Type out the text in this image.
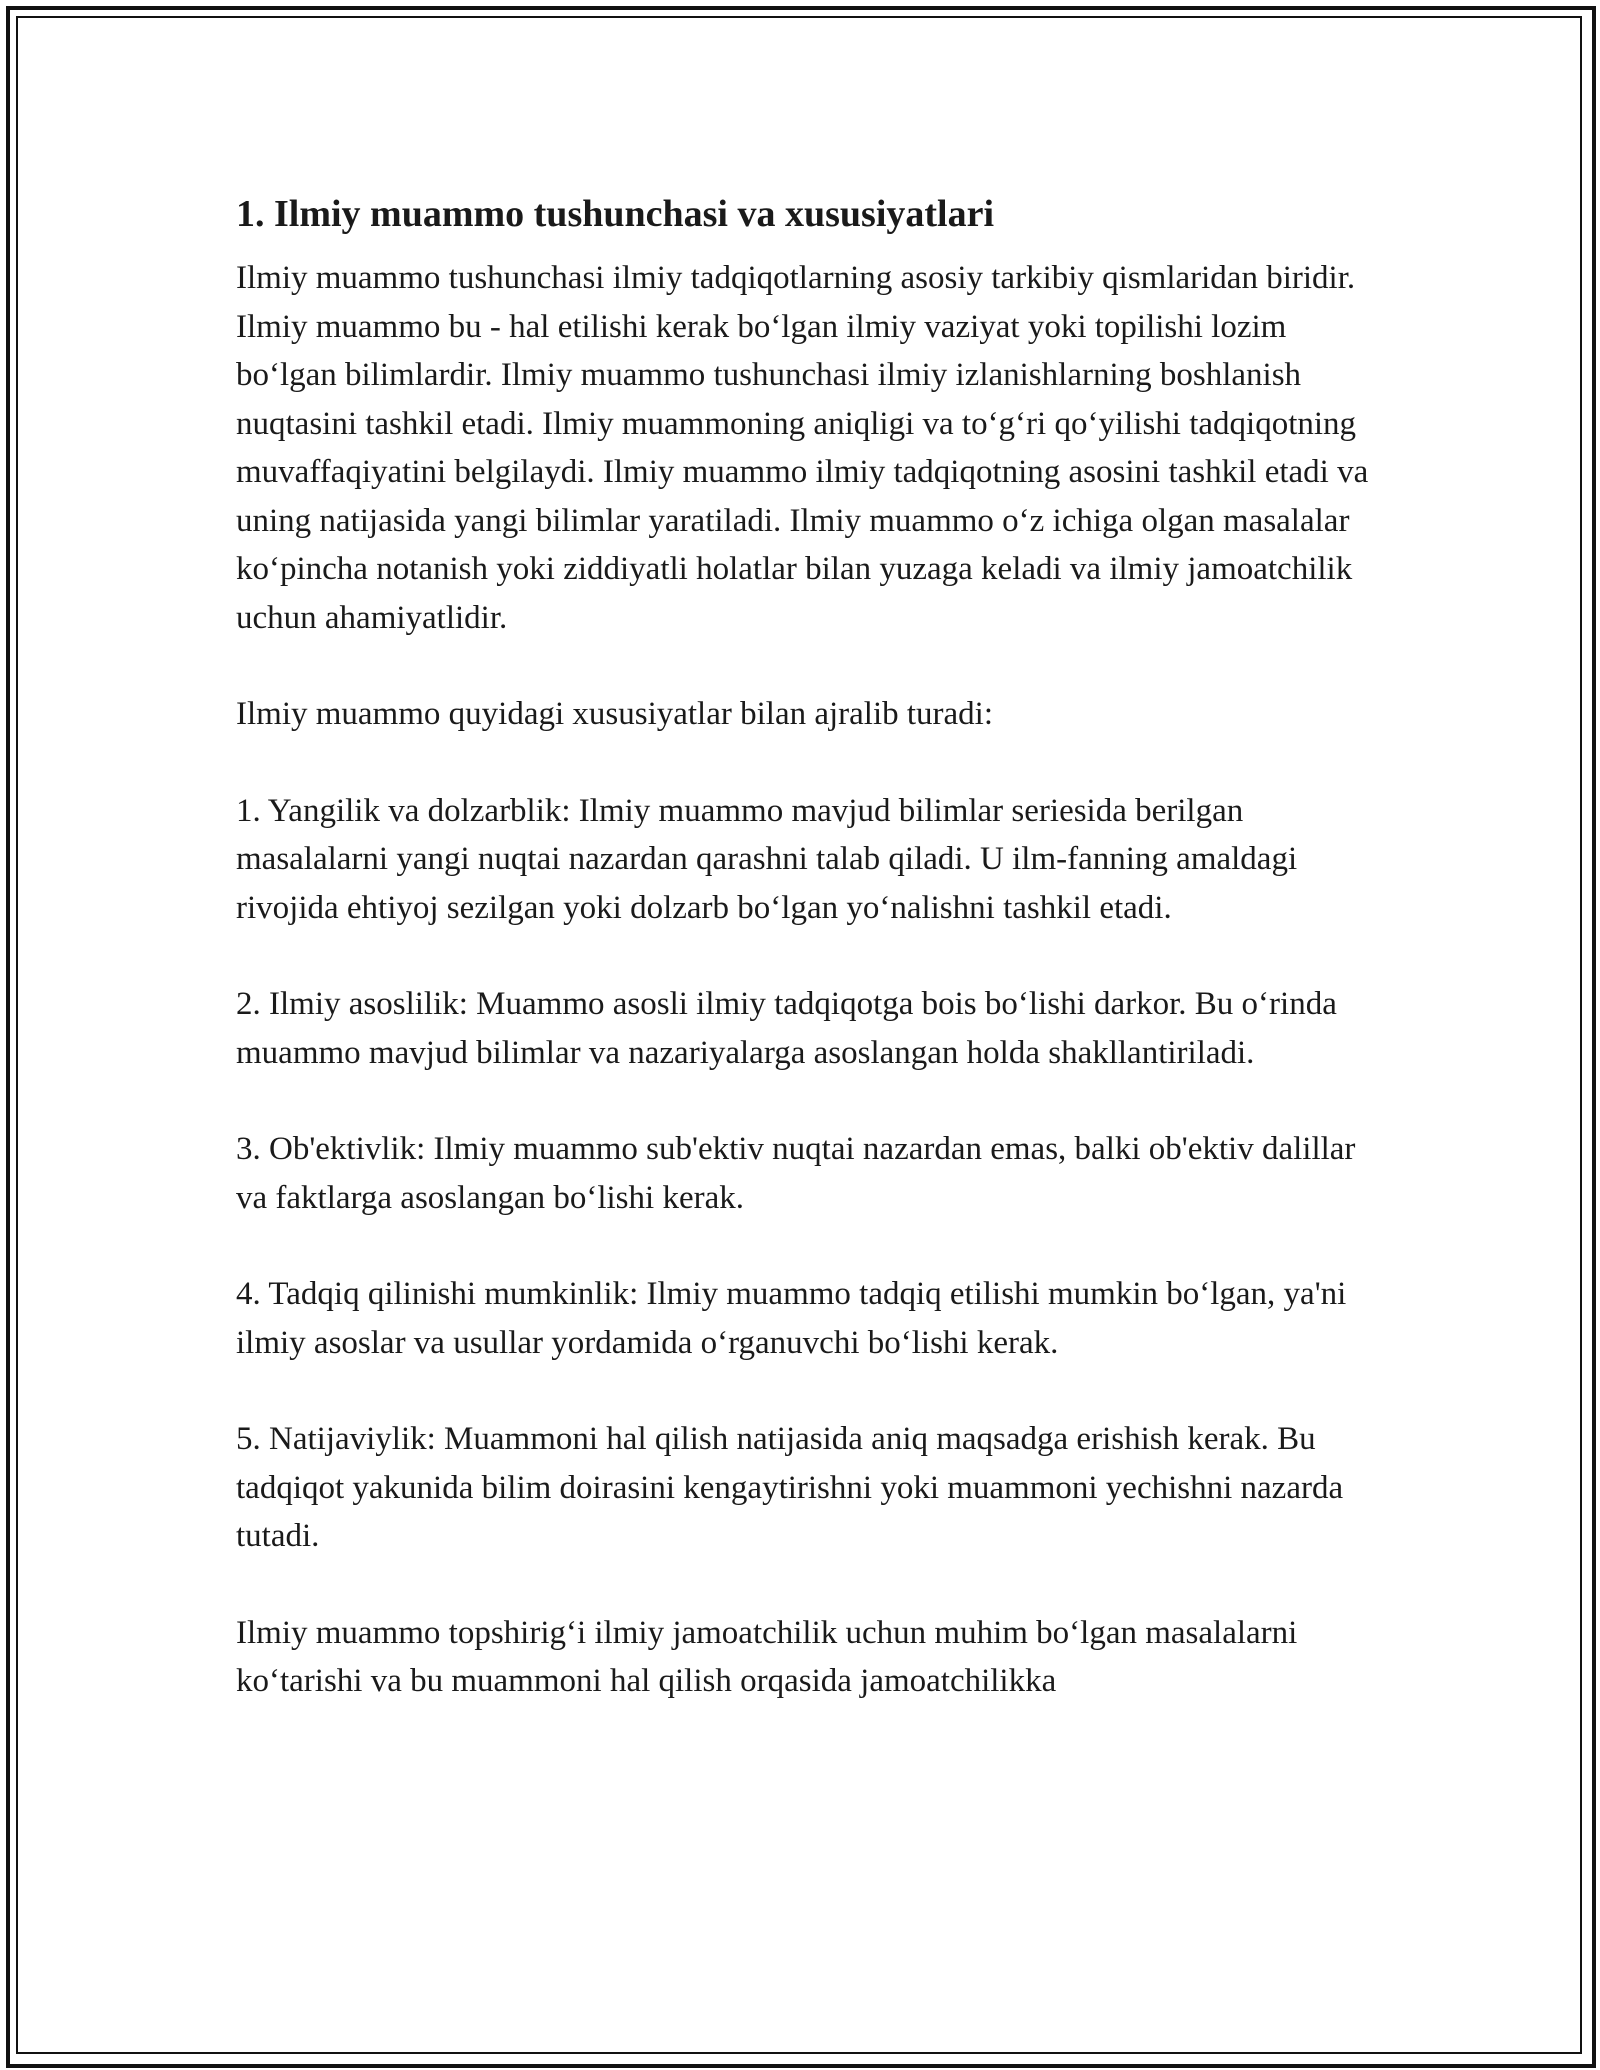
1. Ilmiy muammo tushunchasi va xususiyatlari

Ilmiy muammo tushunchasi ilmiy tadqiqotlarning asosiy tarkibiy qismlaridan biridir. Ilmiy muammo bu - hal etilishi kerak bo‘lgan ilmiy vaziyat yoki topilishi lozim bo‘lgan bilimlardir. Ilmiy muammo tushunchasi ilmiy izlanishlarning boshlanish nuqtasini tashkil etadi. Ilmiy muammoning aniqligi va to‘g‘ri qo‘yilishi tadqiqotning muvaffaqiyatini belgilaydi. Ilmiy muammo ilmiy tadqiqotning asosini tashkil etadi va uning natijasida yangi bilimlar yaratiladi. Ilmiy muammo o‘z ichiga olgan masalalar ko‘pincha notanish yoki ziddiyatli holatlar bilan yuzaga keladi va ilmiy jamoatchilik uchun ahamiyatlidir.

Ilmiy muammo quyidagi xususiyatlar bilan ajralib turadi:

1. Yangilik va dolzarblik: Ilmiy muammo mavjud bilimlar seriesida berilgan masalalarni yangi nuqtai nazardan qarashni talab qiladi. U ilm-fanning amaldagi rivojida ehtiyoj sezilgan yoki dolzarb bo‘lgan yo‘nalishni tashkil etadi.

2. Ilmiy asoslilik: Muammo asosli ilmiy tadqiqotga bois bo‘lishi darkor. Bu o‘rinda muammo mavjud bilimlar va nazariyalarga asoslangan holda shakllantiriladi.

3. Ob'ektivlik: Ilmiy muammo sub'ektiv nuqtai nazardan emas, balki ob'ektiv dalillar va faktlarga asoslangan bo‘lishi kerak.

4. Tadqiq qilinishi mumkinlik: Ilmiy muammo tadqiq etilishi mumkin bo‘lgan, ya'ni ilmiy asoslar va usullar yordamida o‘rganuvchi bo‘lishi kerak.

5. Natijaviylik: Muammoni hal qilish natijasida aniq maqsadga erishish kerak. Bu tadqiqot yakunida bilim doirasini kengaytirishni yoki muammoni yechishni nazarda tutadi.

Ilmiy muammo topshirig‘i ilmiy jamoatchilik uchun muhim bo‘lgan masalalarni ko‘tarishi va bu muammoni hal qilish orqasida jamoatchilikka
